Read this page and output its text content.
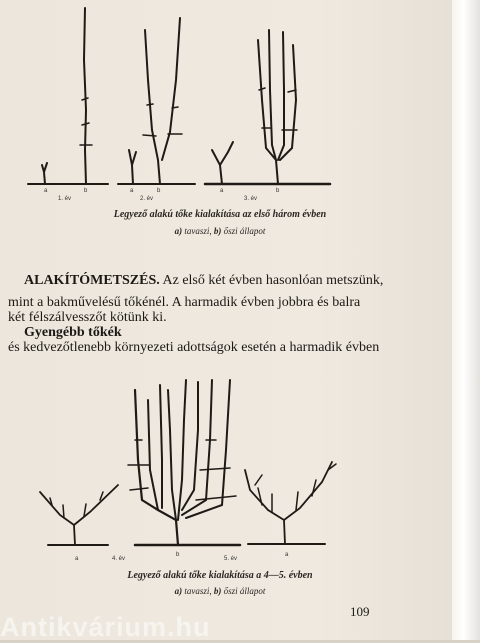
a	b
1. év
a	b
2. év
a	b
3. év
Legyező alakú tőke kialakítása az első három évben
a) tavaszi, b) őszi állapot
ALAKÍTÓMETSZÉS. Az első két évben hasonlóan metszünk,
mint a bakművelésű tőkénél. A harmadik évben jobbra és balra
két félszálvesszőt kötünk ki.
Gyengébb tőkék
és kedvezőtlenebb környezeti adottságok esetén a harmadik évben
a	4. év
b
5. év
a
Legyező alakú tőke kialakítása a 4—5. évben
a) tavaszi, b) őszi állapot
109
Antikvárium.hu
